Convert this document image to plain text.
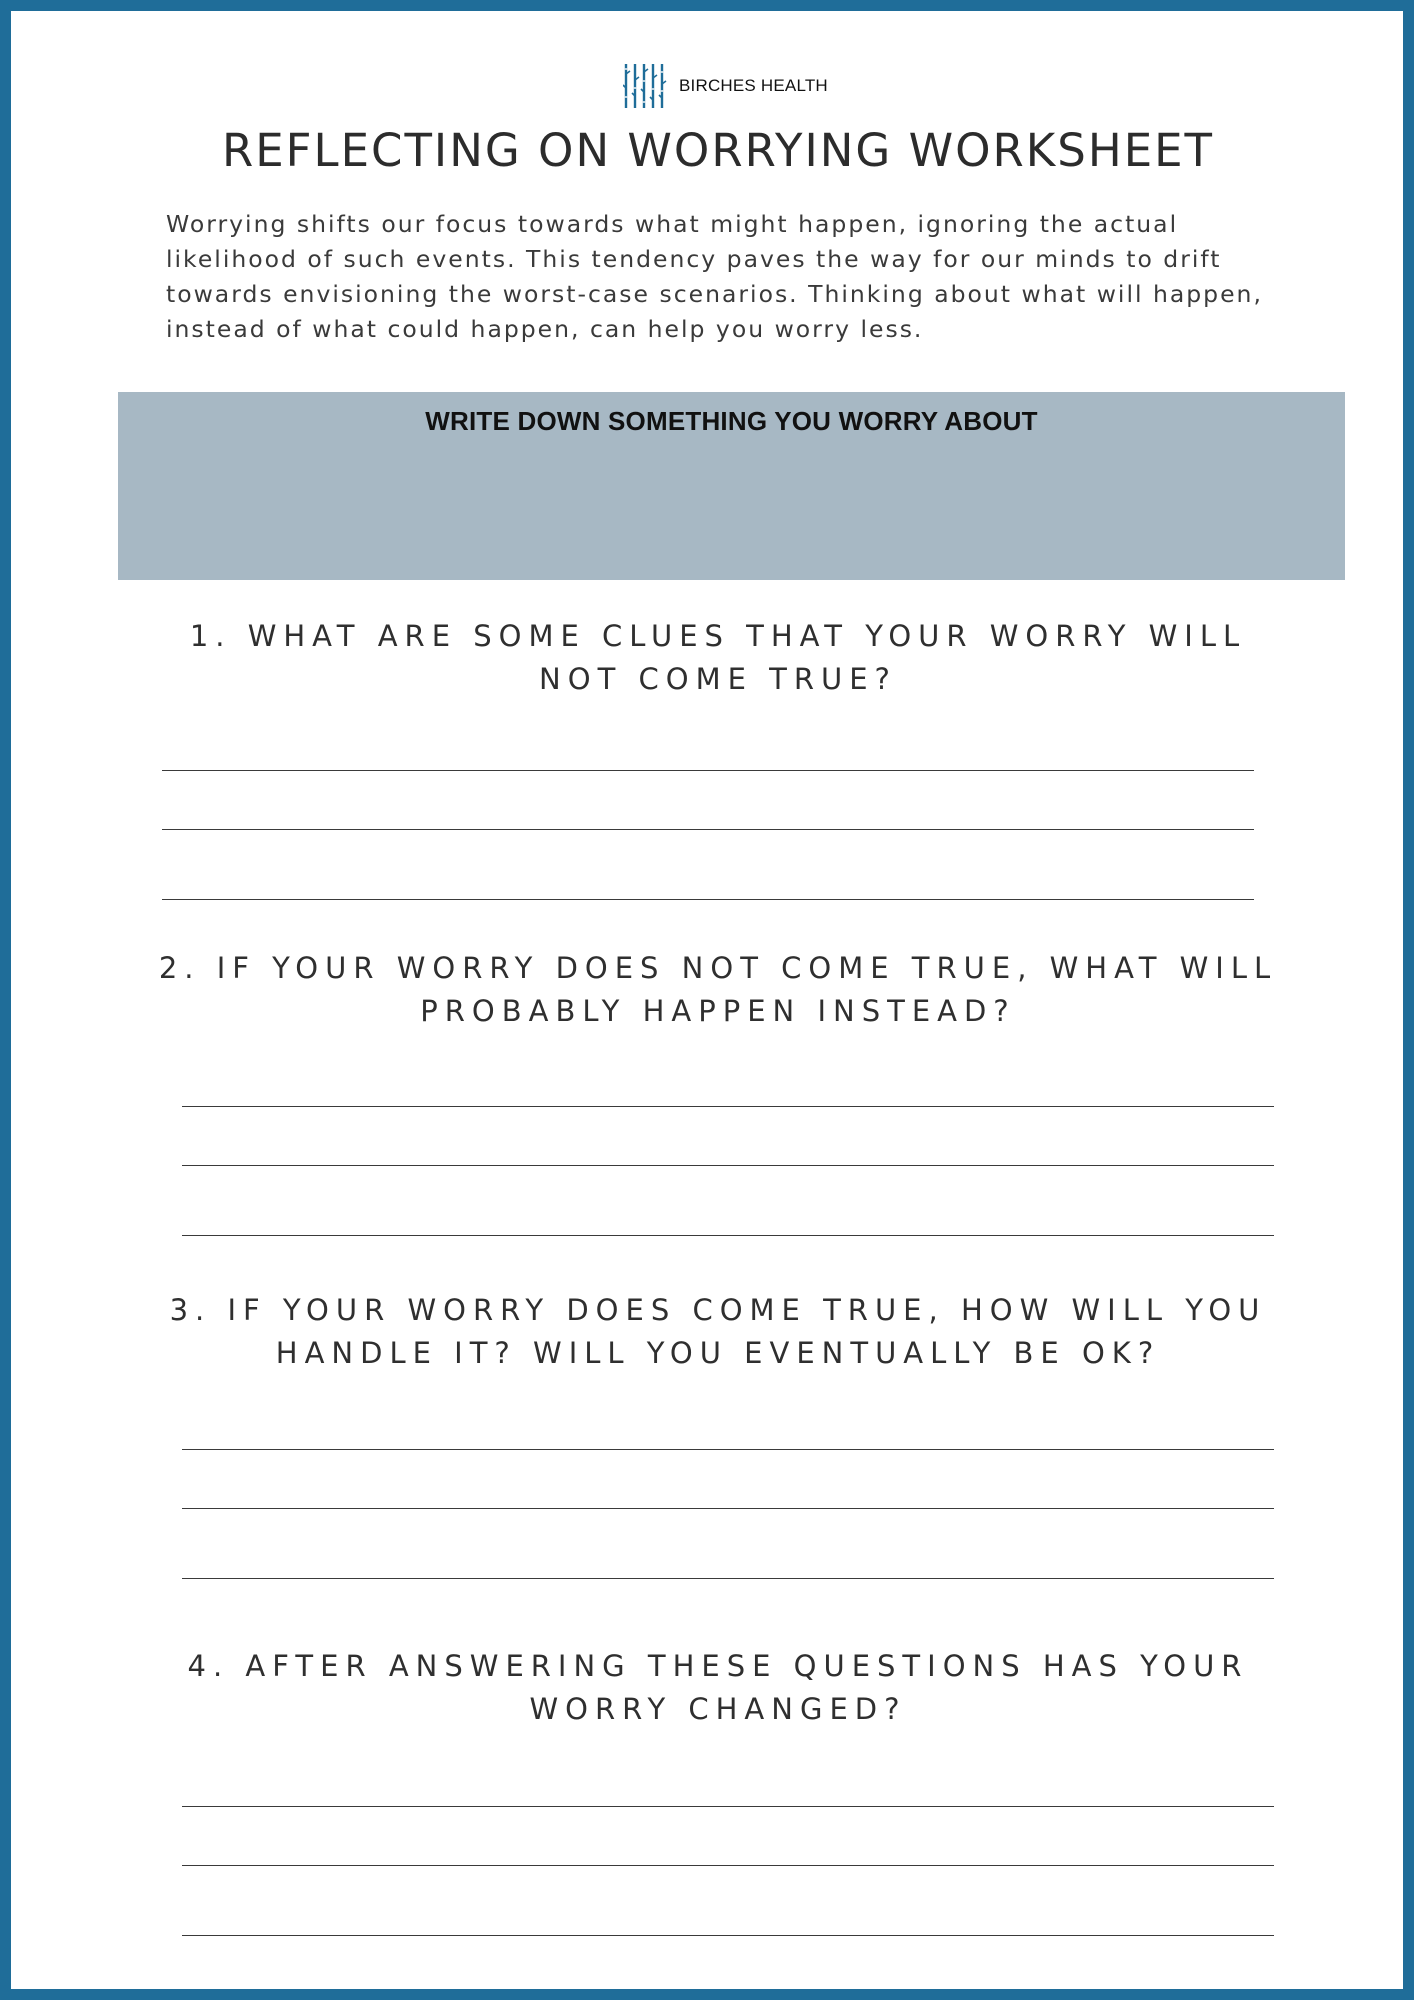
BIRCHES HEALTH
REFLECTING ON WORRYING WORKSHEET

Worrying shifts our focus towards what might happen, ignoring the actual likelihood of such events. This tendency paves the way for our minds to drift towards envisioning the worst-case scenarios. Thinking about what will happen, instead of what could happen, can help you worry less.

WRITE DOWN SOMETHING YOU WORRY ABOUT
1. WHAT ARE SOME CLUES THAT YOUR WORRY WILL
NOT COME TRUE?
2. IF YOUR WORRY DOES NOT COME TRUE, WHAT WILL
PROBABLY HAPPEN INSTEAD?
3. IF YOUR WORRY DOES COME TRUE, HOW WILL YOU
HANDLE IT? WILL YOU EVENTUALLY BE OK?
4. AFTER ANSWERING THESE QUESTIONS HAS YOUR
WORRY CHANGED?
